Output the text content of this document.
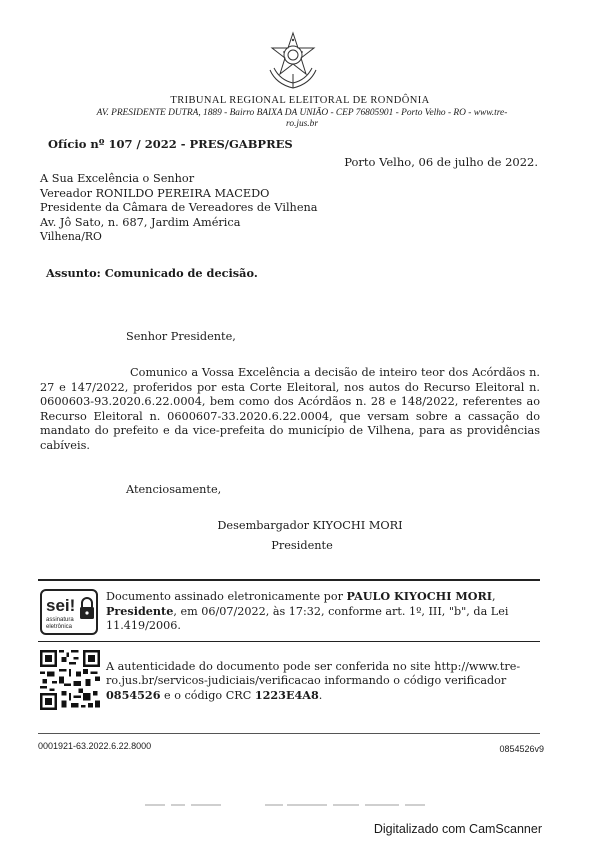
TRIBUNAL REGIONAL ELEITORAL DE RONDÔNIA
AV. PRESIDENTE DUTRA, 1889 - Bairro BAIXA DA UNIÃO - CEP 76805901 - Porto Velho - RO - www.tre-
ro.jus.br
Ofício nº 107 / 2022 - PRES/GABPRES
Porto Velho, 06 de julho de 2022.
A Sua Excelência o Senhor
Vereador RONILDO PEREIRA MACEDO
Presidente da Câmara de Vereadores de Vilhena
Av. Jô Sato, n. 687, Jardim América
Vilhena/RO
Assunto: Comunicado de decisão.
Senhor Presidente,
Comunico a Vossa Excelência a decisão de inteiro teor dos Acórdãos n. 27 e 147/2022, proferidos por esta Corte Eleitoral, nos autos do Recurso Eleitoral n. 0600603-93.2020.6.22.0004, bem como dos Acórdãos n. 28 e 148/2022, referentes ao Recurso Eleitoral n. 0600607-33.2020.6.22.0004, que versam sobre a cassação do mandato do prefeito e da vice-prefeita do município de Vilhena, para as providências cabíveis.
Atenciosamente,
Desembargador KIYOCHI MORI
Presidente
sei!
assinatura
eletrônica
Documento assinado eletronicamente por PAULO KIYOCHI MORI, Presidente, em 06/07/2022, às 17:32, conforme art. 1º, III, "b", da Lei 11.419/2006.
A autenticidade do documento pode ser conferida no site http://www.tre-ro.jus.br/servicos-judiciais/verificacao informando o código verificador 0854526 e o código CRC 1223E4A8.
0001921-63.2022.6.22.8000	0854526v9
Digitalizado com CamScanner
